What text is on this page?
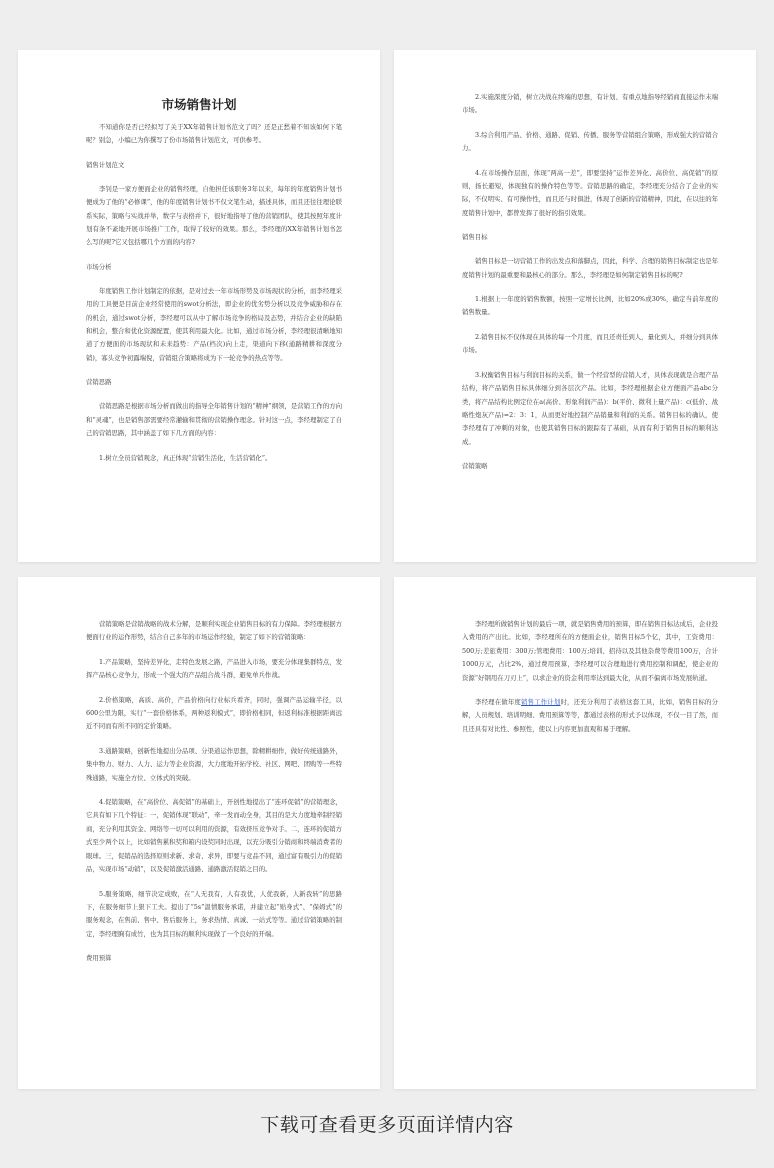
市场销售计划

不知道你是否已经拟写了关于XX年销售计划书范文了吗？还是正愁着不知该如何下笔呢？别急，小编已为你撰写了份市场销售计划范文，可供参考。

销售计划范文

李钊是一家方便面企业的销售经理，自他担任该职务3年以来，每年的年度销售计划书便成为了他的“必修课”，他的年度销售计划书不仅文笔生动，描述具体，而且还往往理论联系实际，策略与实战并举，数字与表格并下，很好地指导了他的营销团队，使其按照年度计划有条不紊地开展市场推广工作，取得了较好的效果。那么，李经理的XX年销售计划书怎么写的呢?它又包括哪几个方面的内容?

市场分析

年度销售工作计划制定的依据，是对过去一年市场形势及市场现状的分析，而李经理采用的工具便是目前企业经常使用的swot分析法，即企业的优劣势分析以及竞争威胁和存在的机会，通过swot分析，李经理可以从中了解市场竞争的格局及态势，并结合企业的缺陷和机会，整合和优化资源配置，使其利用最大化。比如，通过市场分析，李经理很清晰地知道了方便面的市场现状和未来趋势：产品(档次)向上走，渠道向下移(通路精耕和深度分销)，寡头竞争初露端倪，营销组合策略将成为下一轮竞争的热点等等。

营销思路

营销思路是根据市场分析而做出的指导全年销售计划的“精神”纲领，是营销工作的方向和“灵魂”，也是销售部需要经常灌输和贯彻的营销操作理念。针对这一点，李经理制定了自己的营销思路，其中涵盖了如下几方面的内容：

1.树立全员营销观念，真正体现“营销生活化，生活营销化”。

2.实施深度分销，树立决战在终端的思想，有计划、有重点地指导经销商直接运作末端市场。

3.综合利用产品、价格、通路、促销、传播、服务等营销组合策略，形成强大的营销合力。

4.在市场操作层面，体现“两高一差”，即要坚持“运作差异化、高价位、高促销”的原则，扬长避短，体现独有的操作特色等等。营销思路的确定，李经理充分结合了企业的实际，不仅明实、有可操作性，而且还与时俱进，体现了创新的营销精神，因此，在以往的年度销售计划中，都曾发挥了很好的指引效果。

销售目标

销售目标是一切营销工作的出发点和落脚点，因此，科学、合理的销售目标制定也是年度销售计划的最重要和最核心的部分。那么，李经理是如何制定销售目标的呢?

1.根据上一年度的销售数额，按照一定增长比例，比如20%或30%，确定当前年度的销售数量。

2.销售目标不仅体现在具体的每一个月度，而且还责任到人，量化到人，并细分到具体市场。

3.权衡销售目标与利润目标的关系，做一个经营型的营销人才，具体表现就是合理产品结构，将产品销售目标具体细分到各层次产品。比如，李经理根据企业方便面产品abc分类，将产品结构比例定位在a(高价、形象利润产品)：b(平价、微利上量产品)：c(低价、战略性炮灰产品)=2：3：1，从而更好地控制产品销量和利润的关系。销售目标的确认，使李经理有了冲刺的对象，也使其销售目标的跟踪有了基础，从而有利于销售目标的顺利达成。

营销策略

营销策略是营销战略的战术分解，是顺利实现企业销售目标的有力保障。李经理根据方便面行业的运作形势，结合自己多年的市场运作经验，制定了如下的营销策略：

1.产品策略，坚持差异化，走特色发展之路，产品进入市场，要充分体现集群特点，发挥产品核心竞争力，形成一个强大的产品组合战斗群，避免单兵作战。

2.价格策略，高质、高价，产品价格向行业标兵看齐，同时，强调产品运输半径，以600公里为限，实行“一套价格体系，两种返利模式”，即价格相同，但返利标准根据距离远近不同而有所不同的定价策略。

3.通路策略，创新性地提出分品项、分渠道运作思想，除精耕细作，做好传统通路外，集中物力、财力、人力、运力等企业资源，大力度地开拓学校、社区、网吧、团购等一些特殊通路，实施全方位、立体式的突破。

4.促销策略，在“高价位、高促销”的基础上，开创性地提出了“连环促销”的营销理念，它具有如下几个特征：一，促销体现“联动”，牵一发而动全身，其目的是大力度地牵制经销商，充分利用其资金、网络等一切可以利用的资源，有效挤压竞争对手。二，连环的促销方式至少两个以上，比如销售累积奖和箱内设奖同时出现，以充分吸引分销商和终端消费者的眼球。三，促销品的选择原则求新、求奇、求异，即要与竞品不同，通过富有吸引力的促销品，实现市场“动销”，以及促销激活通路、通路激活促销之目的。

5.服务策略，细节决定成败，在“人无我有，人有我优，人优我新，人新我转”的思路下，在服务细节上狠下工夫。提出了“5s”温情服务承诺，并建立起“贴身式”、“保姆式”的服务观念，在售前、售中、售后服务上，务求热情、真诚、一站式等等。通过营销策略的制定，李经理胸有成竹，也为其目标的顺利实现做了一个良好的开端。

费用预算

李经理所做销售计划的最后一项，就是销售费用的预算，即在销售目标达成后，企业投入费用的产出比。比如，李经理所在的方便面企业，销售目标5个亿，其中，工资费用：500万;差旅费用：300万;管理费用：100万;培训、招待以及其他杂费等费用100万，合计1000万元，占比2%，通过费用预算，李经理可以合理地进行费用控制和调配，使企业的资源“好钢用在刀刃上”，以求企业的资金利用率达到最大化，从而不偏离市场发展轨道。

李经理在做年度销售工作计划时，还充分利用了表格这套工具，比如，销售目标的分解，人员规划、培训明细、费用预算等等，都通过表格的形式予以体现，不仅一目了然，而且还具有对比性、参照性，使以上内容更加直观和易于理解。

下载可查看更多页面详情内容
